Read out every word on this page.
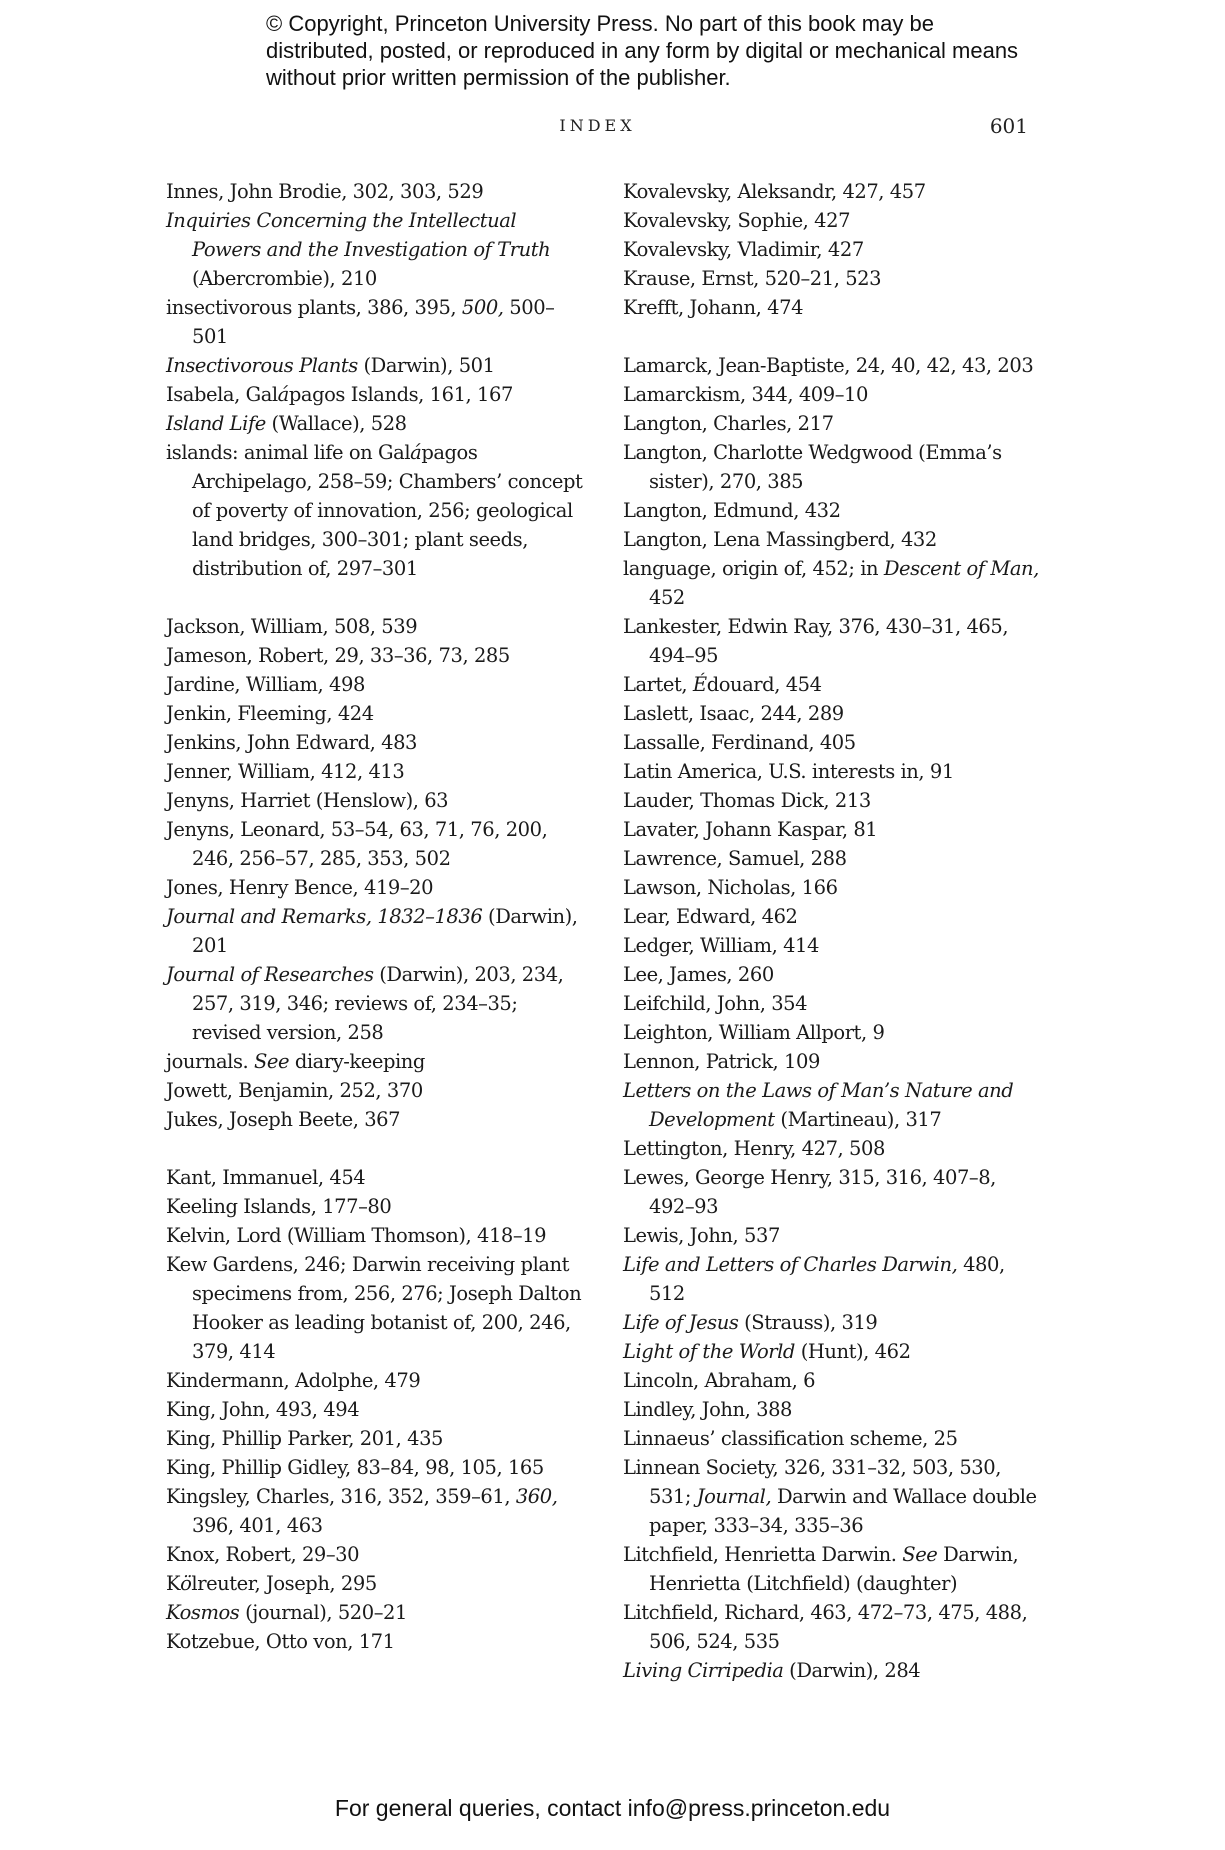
© Copyright, Princeton University Press. No part of this book may be distributed, posted, or reproduced in any form by digital or mechanical means without prior written permission of the publisher.
INDEX	601
Innes, John Brodie, 302, 303, 529
Inquiries Concerning the Intellectual Powers and the Investigation of Truth (Abercrombie), 210
insectivorous plants, 386, 395, 500, 500–501
Insectivorous Plants (Darwin), 501
Isabela, Galápagos Islands, 161, 167
Island Life (Wallace), 528
islands: animal life on Galápagos Archipelago, 258–59; Chambers’ concept of poverty of innovation, 256; geological land bridges, 300–301; plant seeds, distribution of, 297–301
Jackson, William, 508, 539
Jameson, Robert, 29, 33–36, 73, 285
Jardine, William, 498
Jenkin, Fleeming, 424
Jenkins, John Edward, 483
Jenner, William, 412, 413
Jenyns, Harriet (Henslow), 63
Jenyns, Leonard, 53–54, 63, 71, 76, 200, 246, 256–57, 285, 353, 502
Jones, Henry Bence, 419–20
Journal and Remarks, 1832–1836 (Darwin), 201
Journal of Researches (Darwin), 203, 234, 257, 319, 346; reviews of, 234–35; revised version, 258
journals. See diary-keeping
Jowett, Benjamin, 252, 370
Jukes, Joseph Beete, 367
Kant, Immanuel, 454
Keeling Islands, 177–80
Kelvin, Lord (William Thomson), 418–19
Kew Gardens, 246; Darwin receiving plant specimens from, 256, 276; Joseph Dalton Hooker as leading botanist of, 200, 246, 379, 414
Kindermann, Adolphe, 479
King, John, 493, 494
King, Phillip Parker, 201, 435
King, Phillip Gidley, 83–84, 98, 105, 165
Kingsley, Charles, 316, 352, 359–61, 360, 396, 401, 463
Knox, Robert, 29–30
Kölreuter, Joseph, 295
Kosmos (journal), 520–21
Kotzebue, Otto von, 171
Kovalevsky, Aleksandr, 427, 457
Kovalevsky, Sophie, 427
Kovalevsky, Vladimir, 427
Krause, Ernst, 520–21, 523
Krefft, Johann, 474
Lamarck, Jean-Baptiste, 24, 40, 42, 43, 203
Lamarckism, 344, 409–10
Langton, Charles, 217
Langton, Charlotte Wedgwood (Emma’s sister), 270, 385
Langton, Edmund, 432
Langton, Lena Massingberd, 432
language, origin of, 452; in Descent of Man, 452
Lankester, Edwin Ray, 376, 430–31, 465, 494–95
Lartet, Édouard, 454
Laslett, Isaac, 244, 289
Lassalle, Ferdinand, 405
Latin America, U.S. interests in, 91
Lauder, Thomas Dick, 213
Lavater, Johann Kaspar, 81
Lawrence, Samuel, 288
Lawson, Nicholas, 166
Lear, Edward, 462
Ledger, William, 414
Lee, James, 260
Leifchild, John, 354
Leighton, William Allport, 9
Lennon, Patrick, 109
Letters on the Laws of Man’s Nature and Development (Martineau), 317
Lettington, Henry, 427, 508
Lewes, George Henry, 315, 316, 407–8, 492–93
Lewis, John, 537
Life and Letters of Charles Darwin, 480, 512
Life of Jesus (Strauss), 319
Light of the World (Hunt), 462
Lincoln, Abraham, 6
Lindley, John, 388
Linnaeus’ classification scheme, 25
Linnean Society, 326, 331–32, 503, 530, 531; Journal, Darwin and Wallace double paper, 333–34, 335–36
Litchfield, Henrietta Darwin. See Darwin, Henrietta (Litchfield) (daughter)
Litchfield, Richard, 463, 472–73, 475, 488, 506, 524, 535
Living Cirripedia (Darwin), 284
For general queries, contact info@press.princeton.edu
